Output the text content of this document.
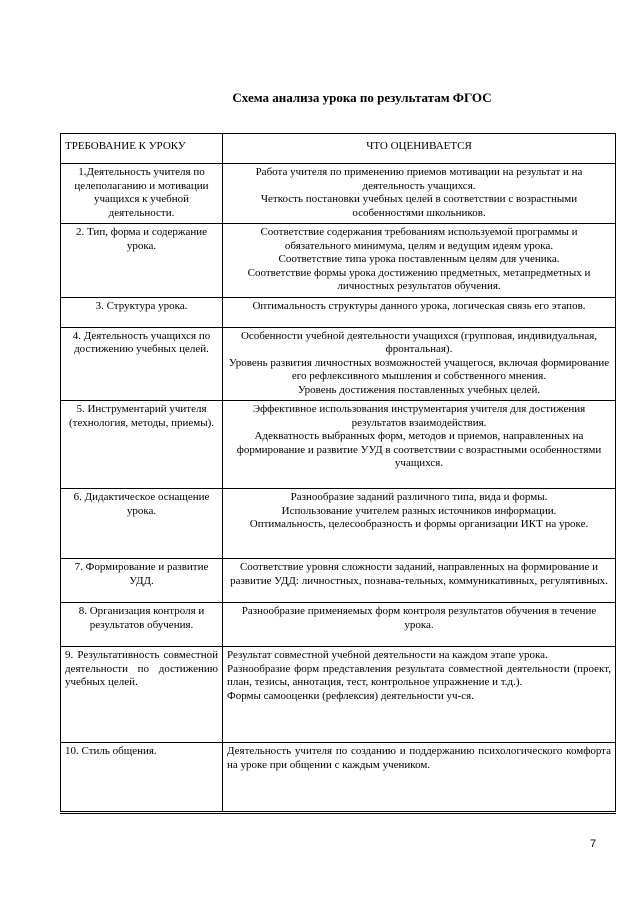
Схема анализа урока по результатам ФГОС
ТРЕБОВАНИЕ К УРОКУ	ЧТО ОЦЕНИВАЕТСЯ
1.Деятельность учителя по целеполаганию и мотивации учащихся к учебной деятельности.	Работа учителя по применению приемов мотивации на результат и на деятельность учащихся.
Четкость постановки учебных целей в соответствии с возрастными особенностями школьников.

2. Тип, форма и содержание урока.	Соответствие содержания требованиям используемой программы и обязательного минимума, целям и ведущим идеям урока.
Соответствие типа урока поставленным целям для ученика.
Соответствие формы урока достижению предметных, метапредметных и личностных результатов обучения.

3. Структура урока.	Оптимальность структуры данного урока, логическая связь его этапов.

4. Деятельность учащихся по достижению учебных целей.	Особенности учебной деятельности учащихся (групповая, индивидуальная, фронтальная).
Уровень развития личностных возможностей учащегося, включая формирование его рефлексивного мышления и собственного мнения.
Уровень достижения поставленных учебных целей.

5. Инструментарий учителя (технология, методы, приемы).	Эффективное использования инструментария учителя для достижения результатов взаимодействия.
Адекватность выбранных форм, методов и приемов, направленных на формирование и развитие УУД в соответствии с возрастными особенностями учащихся.

6. Дидактическое оснащение урока.	Разнообразие заданий различного типа, вида и формы.
Использование учителем разных источников информации.
Оптимальность, целесообразность и формы организации ИКТ на уроке.

7. Формирование и развитие УДД.	Соответствие уровня сложности заданий, направленных на формирование и развитие УДД: личностных, познава-тельных, коммуникативных, регулятивных.

8. Организация контроля и результатов обучения.	Разнообразие применяемых форм контроля результатов обучения в течение урока.

9. Результативность совместной деятельности по достижению учебных целей.	Результат совместной учебной деятельности на каждом этапе урока.
Разнообразие форм представления результата совместной деятельности (проект, план, тезисы, аннотация, тест, контрольное упражнение и т.д.).
Формы самооценки (рефлексия) деятельности уч-ся.

10. Стиль общения.	Деятельность учителя по созданию и поддержанию психологического комфорта на уроке при общении с каждым учеником.
7
